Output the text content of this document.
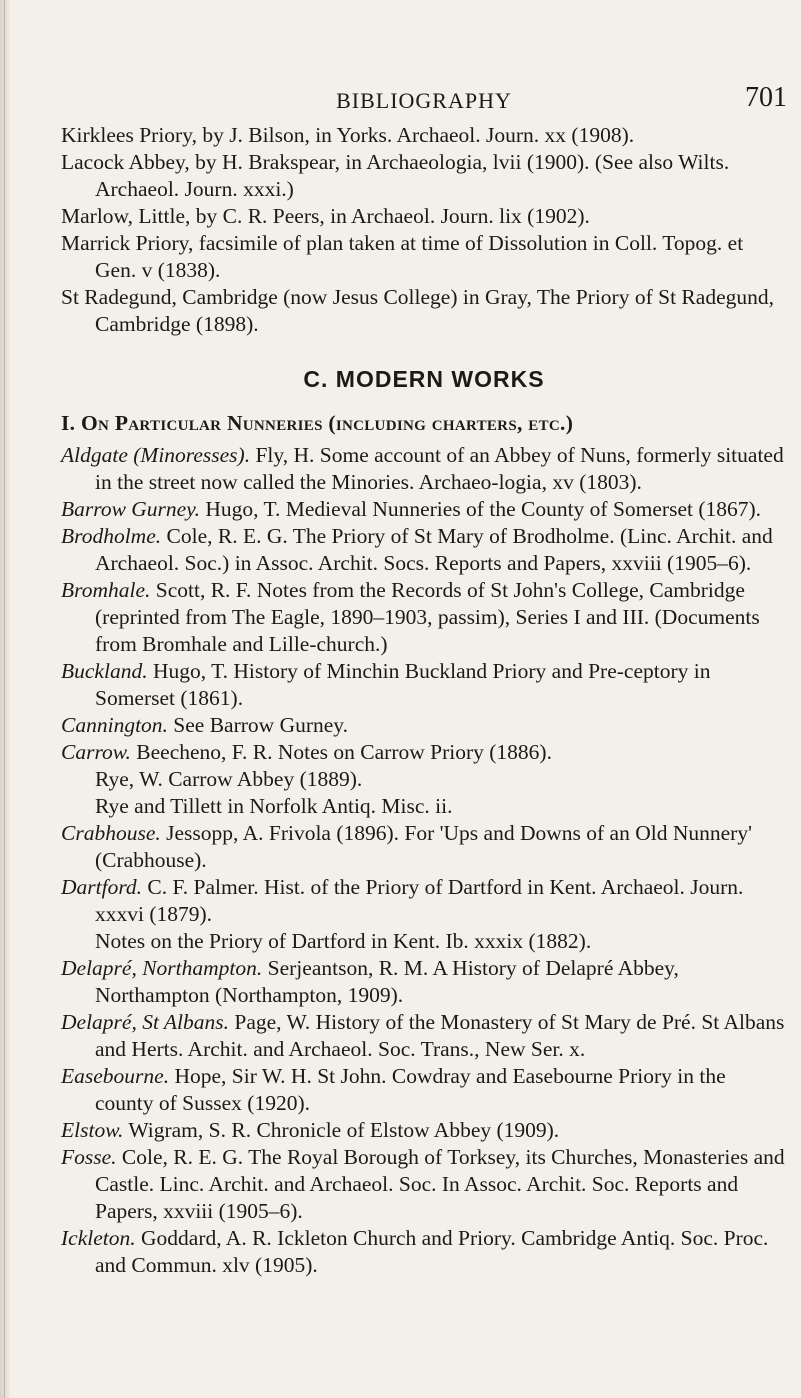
BIBLIOGRAPHY	701

Kirklees Priory, by J. Bilson, in Yorks. Archaeol. Journ. xx (1908).

Lacock Abbey, by H. Brakspear, in Archaeologia, lvii (1900). (See also Wilts. Archaeol. Journ. xxxi.)

Marlow, Little, by C. R. Peers, in Archaeol. Journ. lix (1902).

Marrick Priory, facsimile of plan taken at time of Dissolution in Coll. Topog. et Gen. v (1838).

St Radegund, Cambridge (now Jesus College) in Gray, The Priory of St Radegund, Cambridge (1898).

C. MODERN WORKS
I. On Particular Nunneries (including charters, etc.)

Aldgate (Minoresses). Fly, H. Some account of an Abbey of Nuns, formerly situated in the street now called the Minories. Archaeo-logia, xv (1803).

Barrow Gurney. Hugo, T. Medieval Nunneries of the County of Somerset (1867).

Brodholme. Cole, R. E. G. The Priory of St Mary of Brodholme. (Linc. Archit. and Archaeol. Soc.) in Assoc. Archit. Socs. Reports and Papers, xxviii (1905–6).

Bromhale. Scott, R. F. Notes from the Records of St John's College, Cambridge (reprinted from The Eagle, 1890–1903, passim), Series I and III. (Documents from Bromhale and Lille-church.)

Buckland. Hugo, T. History of Minchin Buckland Priory and Pre-ceptory in Somerset (1861).

Cannington. See Barrow Gurney.

Carrow. Beecheno, F. R. Notes on Carrow Priory (1886).

Rye, W. Carrow Abbey (1889).

Rye and Tillett in Norfolk Antiq. Misc. ii.

Crabhouse. Jessopp, A. Frivola (1896). For 'Ups and Downs of an Old Nunnery' (Crabhouse).

Dartford. C. F. Palmer. Hist. of the Priory of Dartford in Kent. Archaeol. Journ. xxxvi (1879).

Notes on the Priory of Dartford in Kent. Ib. xxxix (1882).

Delapré, Northampton. Serjeantson, R. M. A History of Delapré Abbey, Northampton (Northampton, 1909).

Delapré, St Albans. Page, W. History of the Monastery of St Mary de Pré. St Albans and Herts. Archit. and Archaeol. Soc. Trans., New Ser. x.

Easebourne. Hope, Sir W. H. St John. Cowdray and Easebourne Priory in the county of Sussex (1920).

Elstow. Wigram, S. R. Chronicle of Elstow Abbey (1909).

Fosse. Cole, R. E. G. The Royal Borough of Torksey, its Churches, Monasteries and Castle. Linc. Archit. and Archaeol. Soc. In Assoc. Archit. Soc. Reports and Papers, xxviii (1905–6).

Ickleton. Goddard, A. R. Ickleton Church and Priory. Cambridge Antiq. Soc. Proc. and Commun. xlv (1905).
